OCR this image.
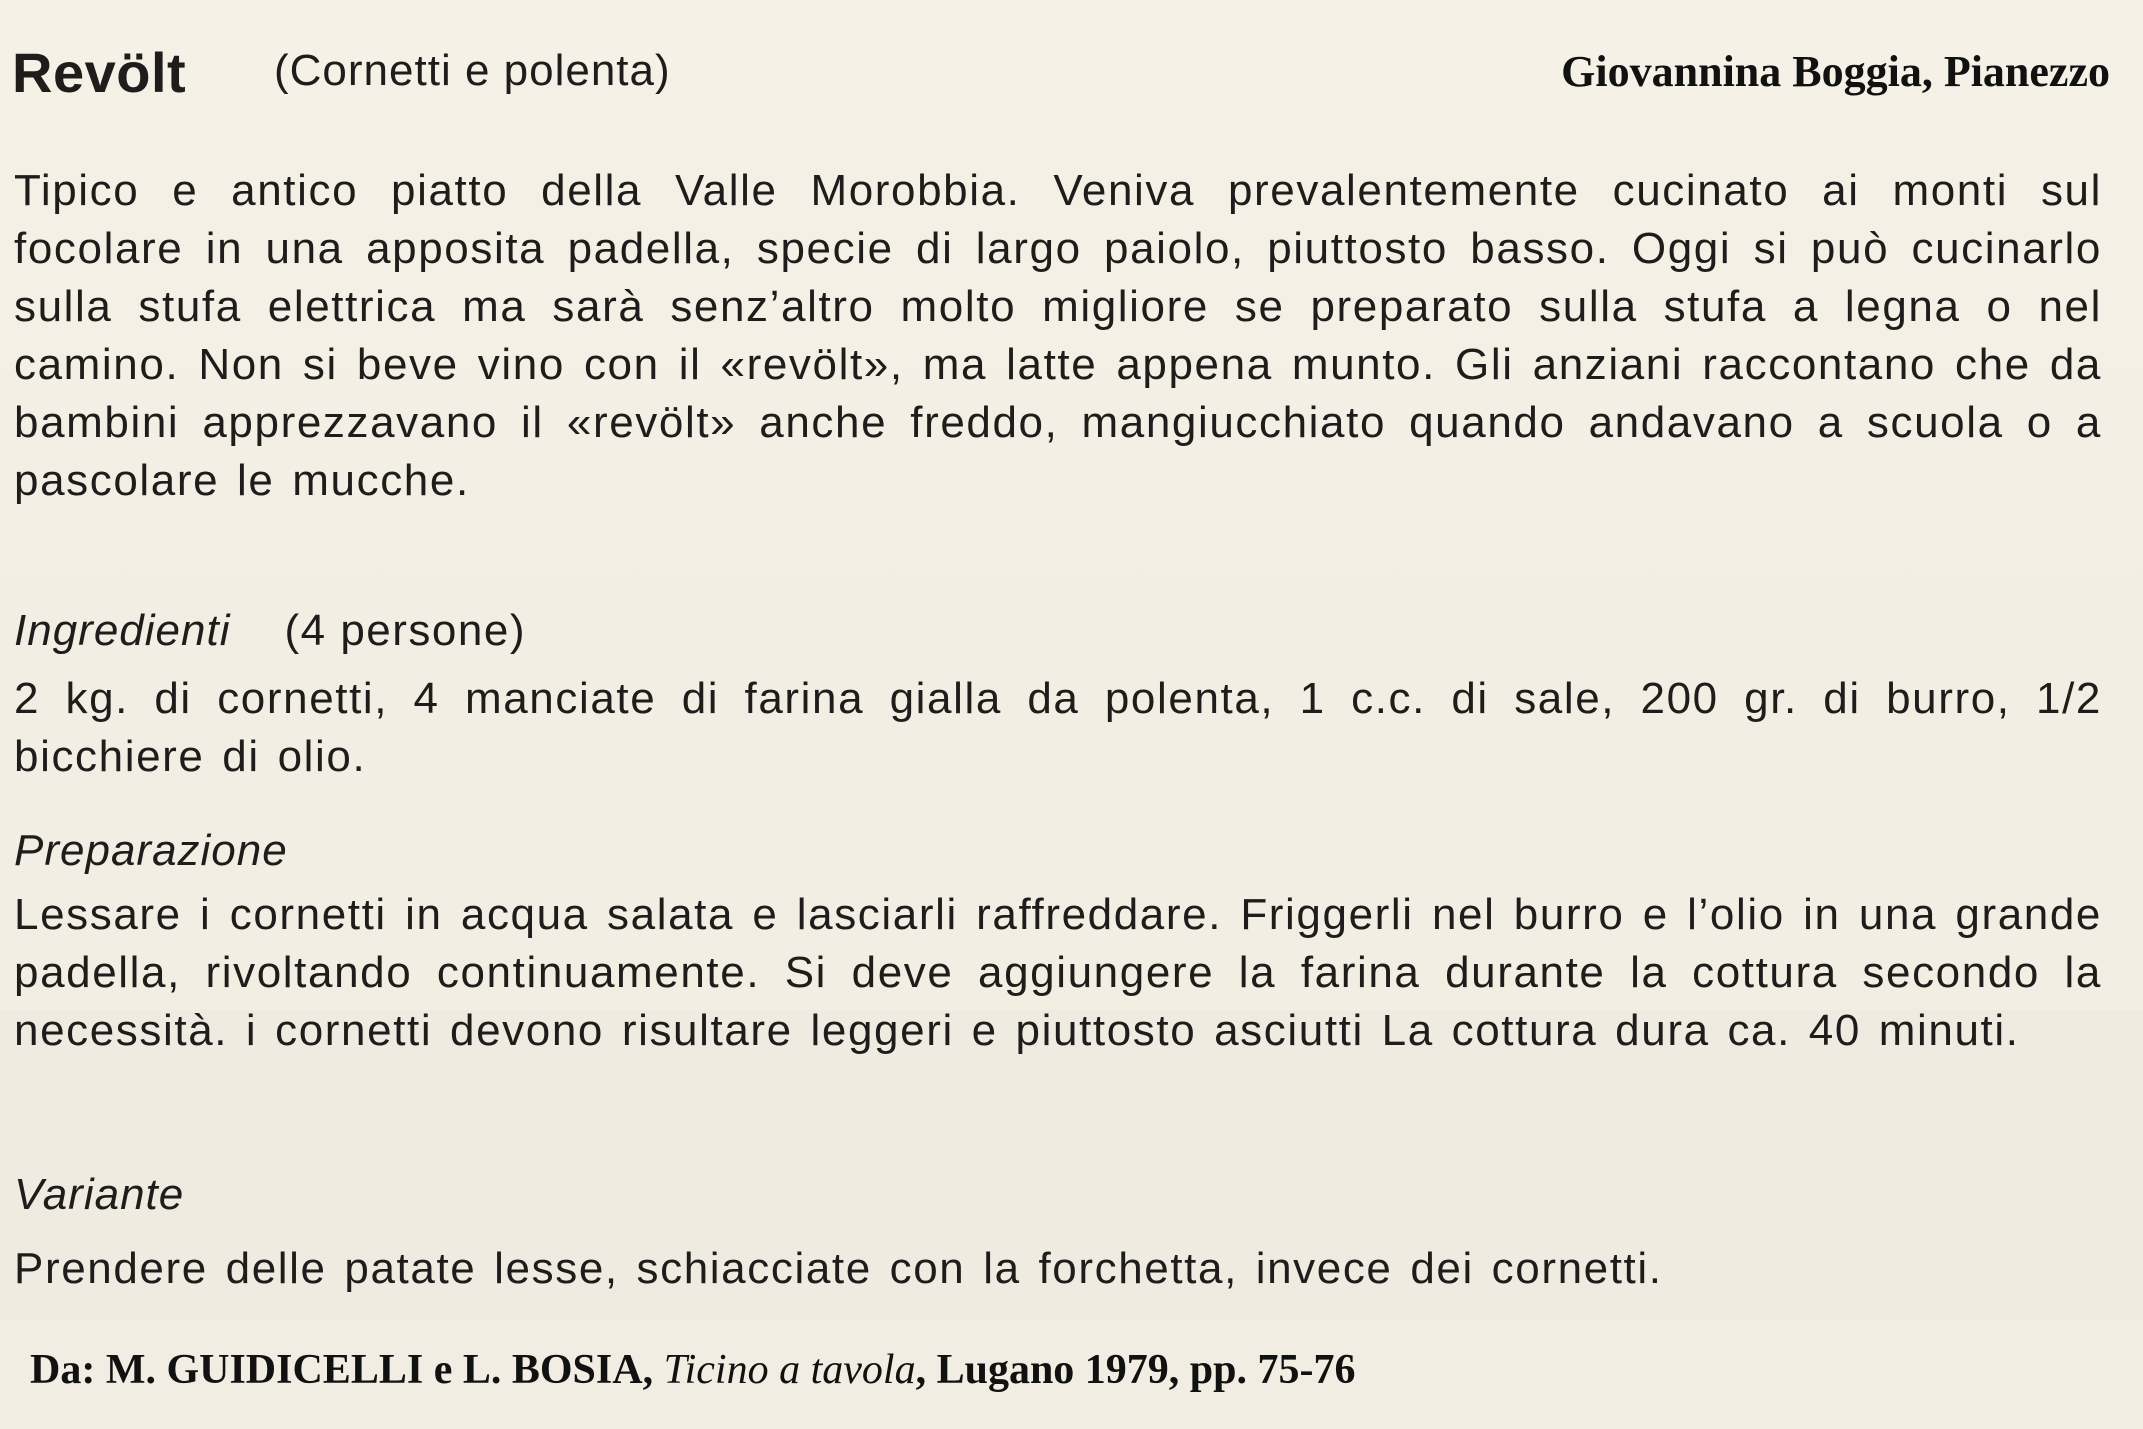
Revölt (Cornetti e polenta)	Giovannina Boggia, Pianezzo
Tipico e antico piatto della Valle Morobbia. Veniva prevalentemente cucinato ai monti sul focolare in una apposita padella, specie di largo paiolo, piuttosto basso. Oggi si può cucinarlo sulla stufa elettrica ma sarà senz’altro molto migliore se preparato sulla stufa a legna o nel camino. Non si beve vino con il «revölt», ma latte appena munto. Gli anziani raccontano che da bambini apprezzavano il «revölt» anche freddo, mangiucchiato quando andavano a scuola o a pascolare le mucche.
Ingredienti (4 persone)
2 kg. di cornetti, 4 manciate di farina gialla da polenta, 1 c.c. di sale, 200 gr. di burro, 1/2 bicchiere di olio.
Preparazione
Lessare i cornetti in acqua salata e lasciarli raffreddare. Friggerli nel burro e l’olio in una grande padella, rivoltando continuamente. Si deve aggiungere la farina durante la cottura secondo la necessità. i cornetti devono risultare leggeri e piuttosto asciutti La cottura dura ca. 40 minuti.
Variante
Prendere delle patate lesse, schiacciate con la forchetta, invece dei cornetti.
Da: M. GUIDICELLI e L. BOSIA, Ticino a tavola, Lugano 1979, pp. 75-76
